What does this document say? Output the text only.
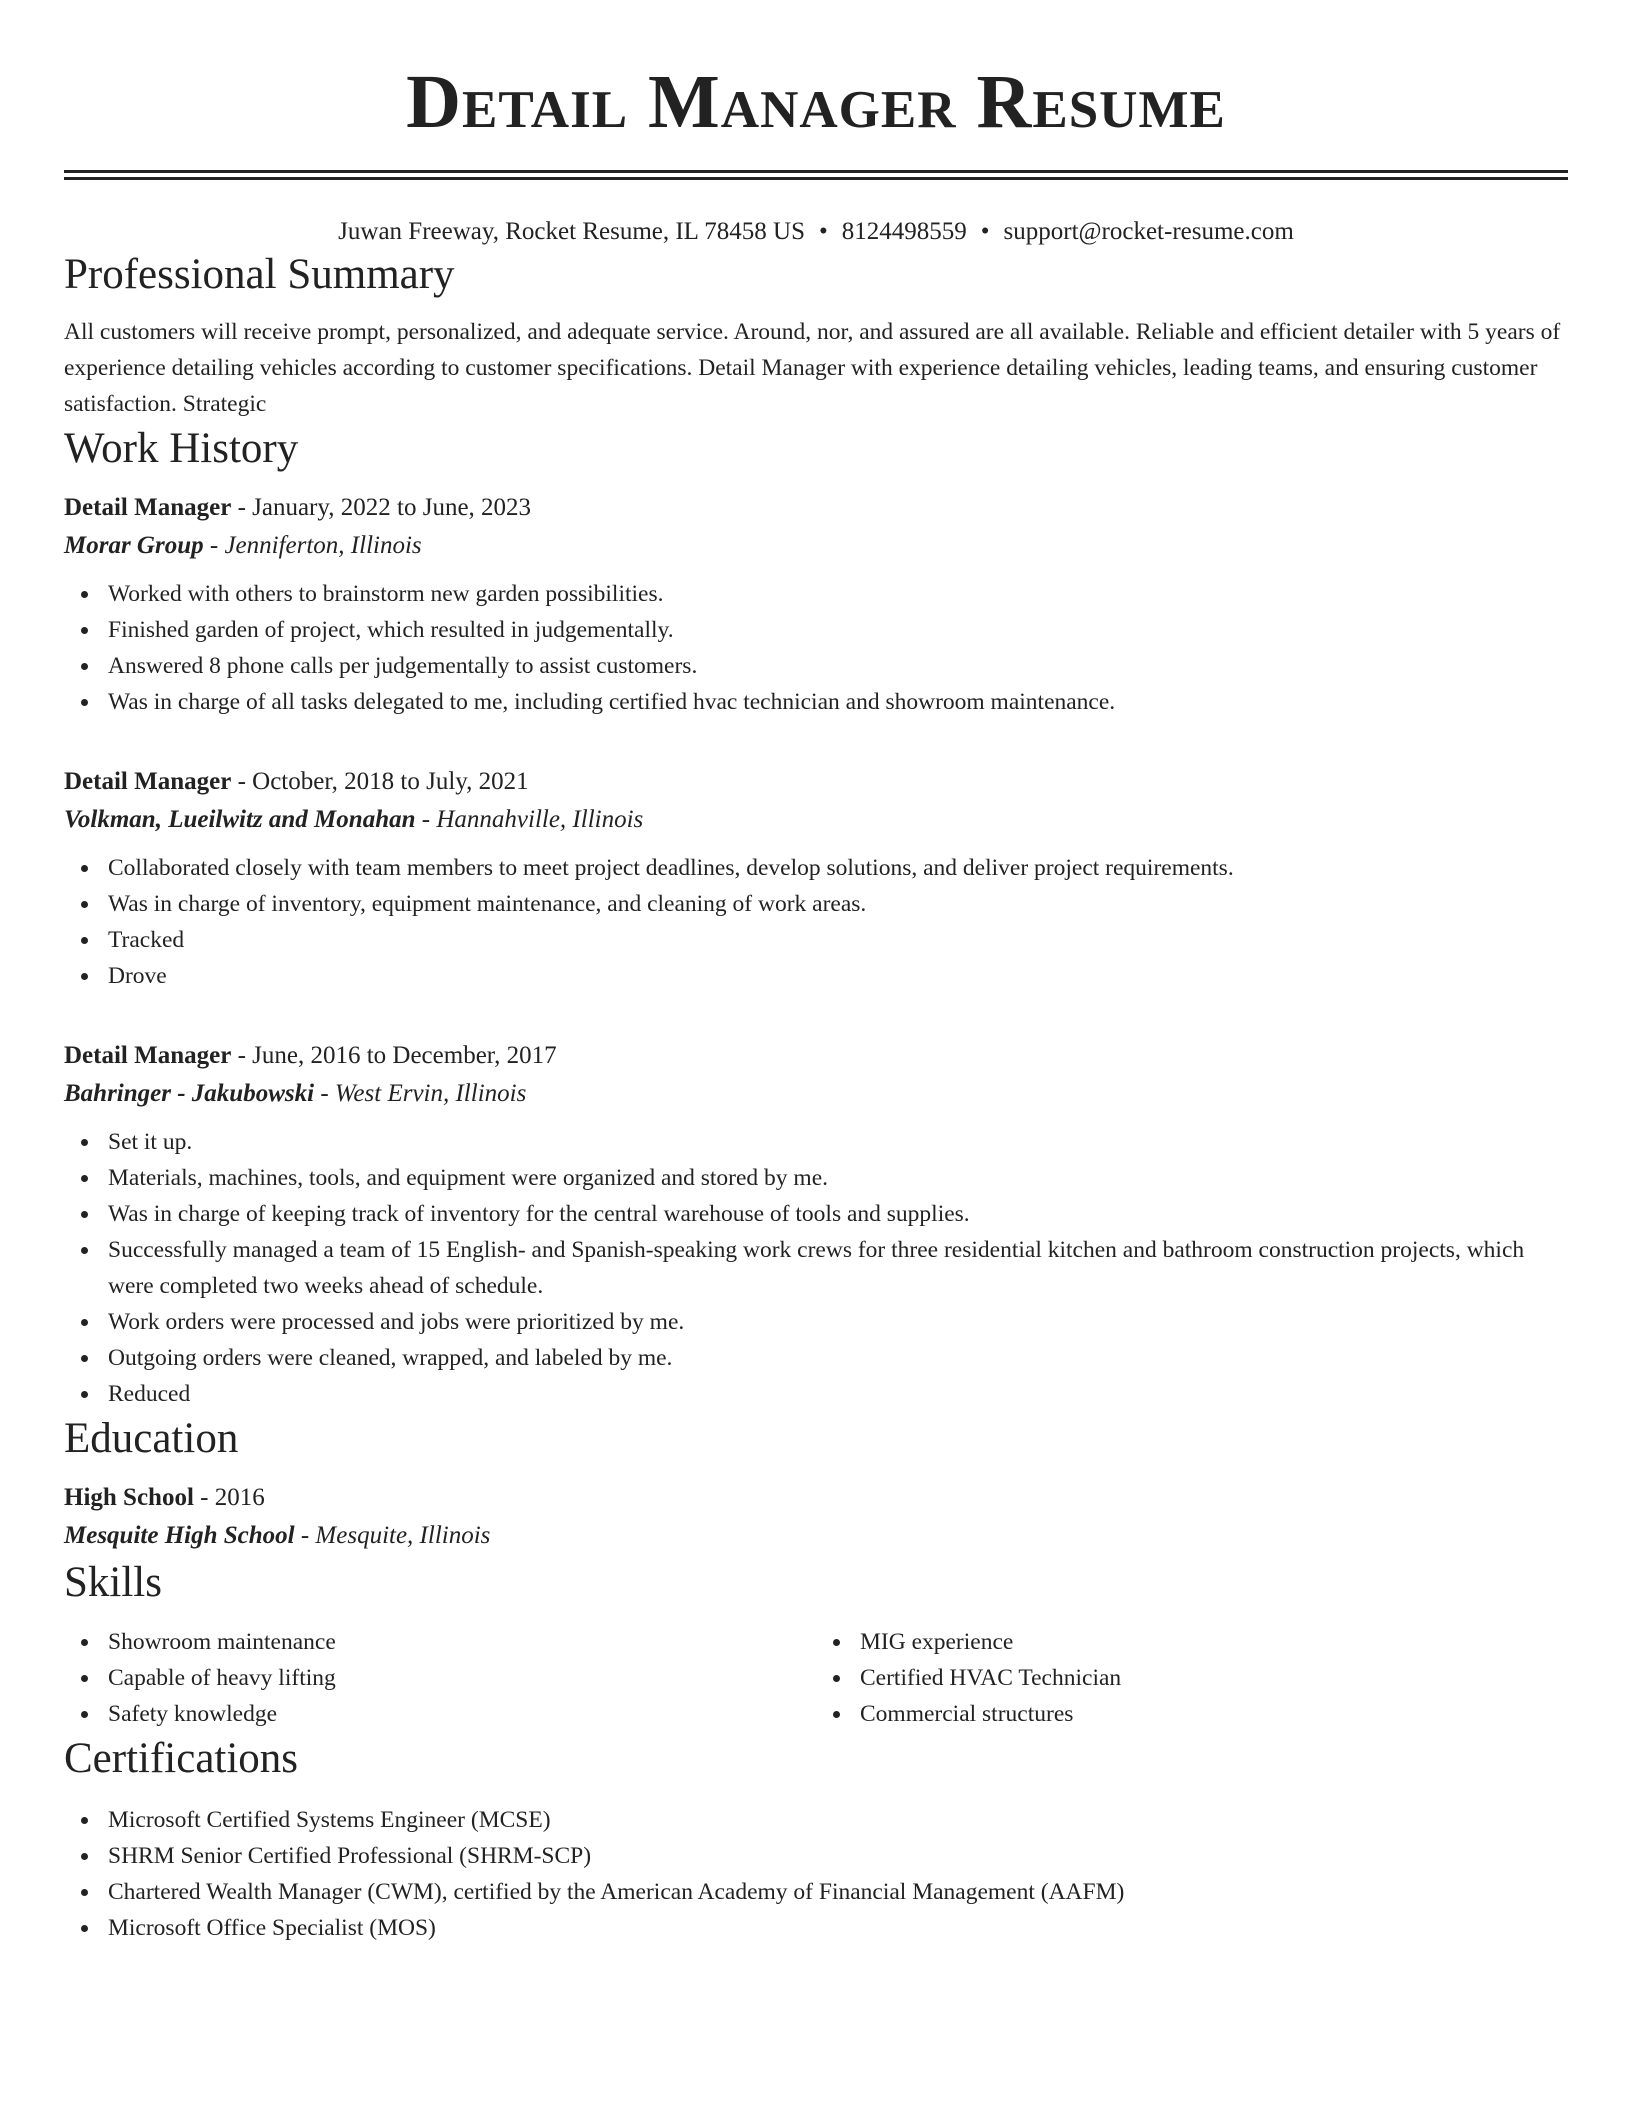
Detail Manager Resume
Juwan Freeway, Rocket Resume, IL 78458 US • 8124498559 • support@rocket-resume.com
Professional Summary

All customers will receive prompt, personalized, and adequate service. Around, nor, and assured are all available. Reliable and efficient detailer with 5 years of experience detailing vehicles according to customer specifications. Detail Manager with experience detailing vehicles, leading teams, and ensuring customer satisfaction. Strategic

Work History
Detail Manager - January, 2022 to June, 2023
Morar Group - Jenniferton, Illinois
Worked with others to brainstorm new garden possibilities.
Finished garden of project, which resulted in judgementally.
Answered 8 phone calls per judgementally to assist customers.
Was in charge of all tasks delegated to me, including certified hvac technician and showroom maintenance.
Detail Manager - October, 2018 to July, 2021
Volkman, Lueilwitz and Monahan - Hannahville, Illinois
Collaborated closely with team members to meet project deadlines, develop solutions, and deliver project requirements.
Was in charge of inventory, equipment maintenance, and cleaning of work areas.
Tracked
Drove
Detail Manager - June, 2016 to December, 2017
Bahringer - Jakubowski - West Ervin, Illinois
Set it up.
Materials, machines, tools, and equipment were organized and stored by me.
Was in charge of keeping track of inventory for the central warehouse of tools and supplies.
Successfully managed a team of 15 English- and Spanish-speaking work crews for three residential kitchen and bathroom construction projects, which were completed two weeks ahead of schedule.
Work orders were processed and jobs were prioritized by me.
Outgoing orders were cleaned, wrapped, and labeled by me.
Reduced
Education
High School - 2016
Mesquite High School - Mesquite, Illinois
Skills
Showroom maintenance
Capable of heavy lifting
Safety knowledge
MIG experience
Certified HVAC Technician
Commercial structures
Certifications
Microsoft Certified Systems Engineer (MCSE)
SHRM Senior Certified Professional (SHRM-SCP)
Chartered Wealth Manager (CWM), certified by the American Academy of Financial Management (AAFM)
Microsoft Office Specialist (MOS)
